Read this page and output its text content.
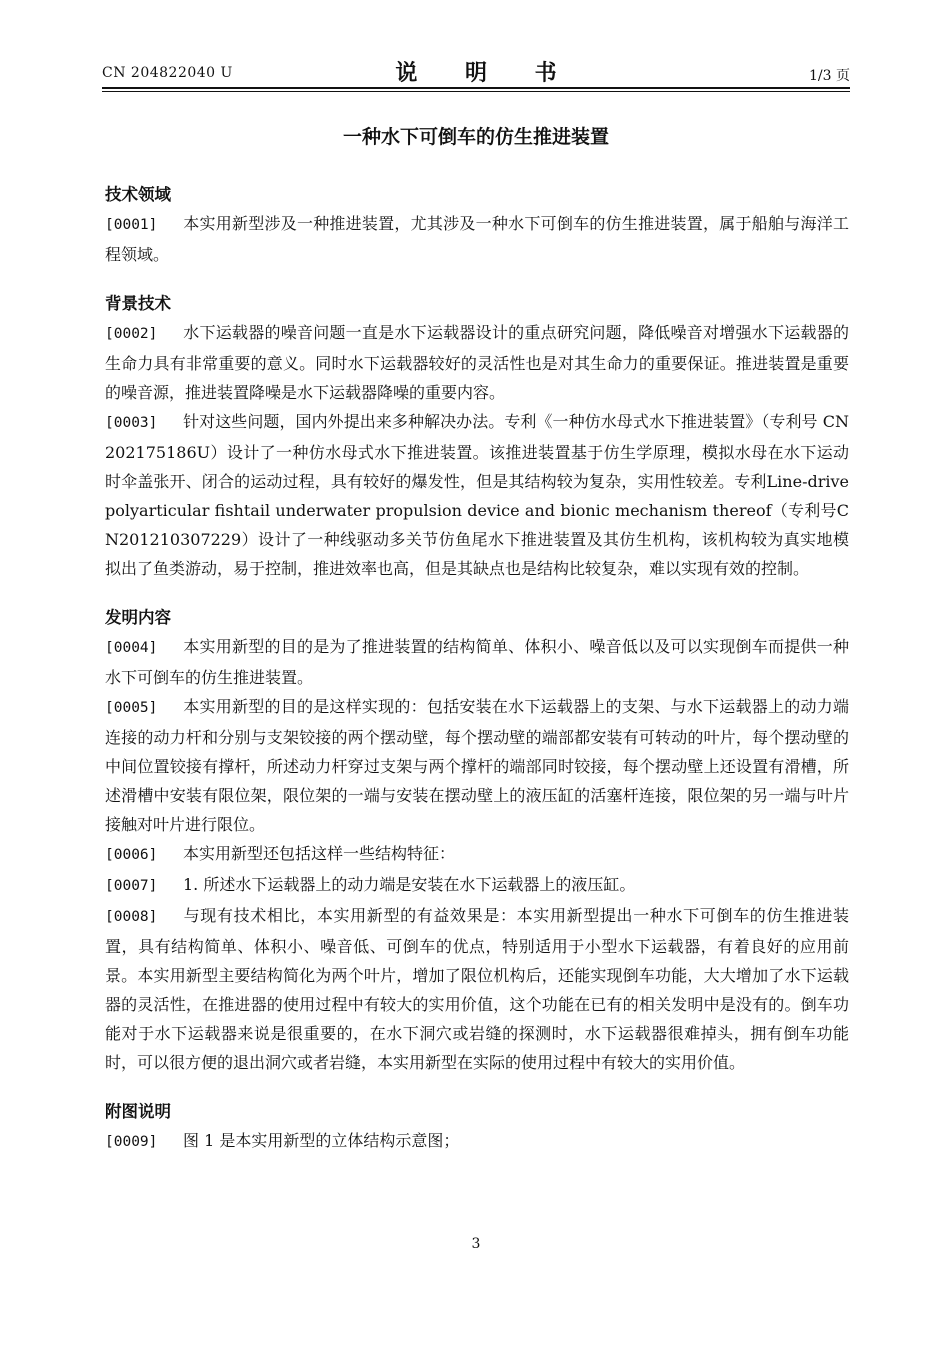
CN 204822040 U	说 明 书	1/3 页
一种水下可倒车的仿生推进装置
技术领域
[0001] 本实用新型涉及一种推进装置，尤其涉及一种水下可倒车的仿生推进装置，属于船舶与海洋工程领域。
背景技术
[0002] 水下运载器的噪音问题一直是水下运载器设计的重点研究问题，降低噪音对增强水下运载器的生命力具有非常重要的意义。同时水下运载器较好的灵活性也是对其生命力的重要保证。推进装置是重要的噪音源，推进装置降噪是水下运载器降噪的重要内容。
[0003] 针对这些问题，国内外提出来多种解决办法。专利《一种仿水母式水下推进装置》（专利号 CN202175186U）设计了一种仿水母式水下推进装置。该推进装置基于仿生学原理，模拟水母在水下运动时伞盖张开、闭合的运动过程，具有较好的爆发性，但是其结构较为复杂，实用性较差。专利Line-drive polyarticular fishtail underwater propulsion device and bionic mechanism thereof（专利号CN201210307229）设计了一种线驱动多关节仿鱼尾水下推进装置及其仿生机构，该机构较为真实地模拟出了鱼类游动，易于控制，推进效率也高，但是其缺点也是结构比较复杂，难以实现有效的控制。
发明内容
[0004] 本实用新型的目的是为了推进装置的结构简单、体积小、噪音低以及可以实现倒车而提供一种水下可倒车的仿生推进装置。
[0005] 本实用新型的目的是这样实现的：包括安装在水下运载器上的支架、与水下运载器上的动力端连接的动力杆和分别与支架铰接的两个摆动壁，每个摆动壁的端部都安装有可转动的叶片，每个摆动壁的中间位置铰接有撑杆，所述动力杆穿过支架与两个撑杆的端部同时铰接，每个摆动壁上还设置有滑槽，所述滑槽中安装有限位架，限位架的一端与安装在摆动壁上的液压缸的活塞杆连接，限位架的另一端与叶片接触对叶片进行限位。
[0006] 本实用新型还包括这样一些结构特征：
[0007] 1. 所述水下运载器上的动力端是安装在水下运载器上的液压缸。
[0008] 与现有技术相比，本实用新型的有益效果是：本实用新型提出一种水下可倒车的仿生推进装置，具有结构简单、体积小、噪音低、可倒车的优点，特别适用于小型水下运载器，有着良好的应用前景。本实用新型主要结构简化为两个叶片，增加了限位机构后，还能实现倒车功能，大大增加了水下运载器的灵活性，在推进器的使用过程中有较大的实用价值，这个功能在已有的相关发明中是没有的。倒车功能对于水下运载器来说是很重要的，在水下洞穴或岩缝的探测时，水下运载器很难掉头，拥有倒车功能时，可以很方便的退出洞穴或者岩缝，本实用新型在实际的使用过程中有较大的实用价值。
附图说明
[0009] 图 1 是本实用新型的立体结构示意图；
3
